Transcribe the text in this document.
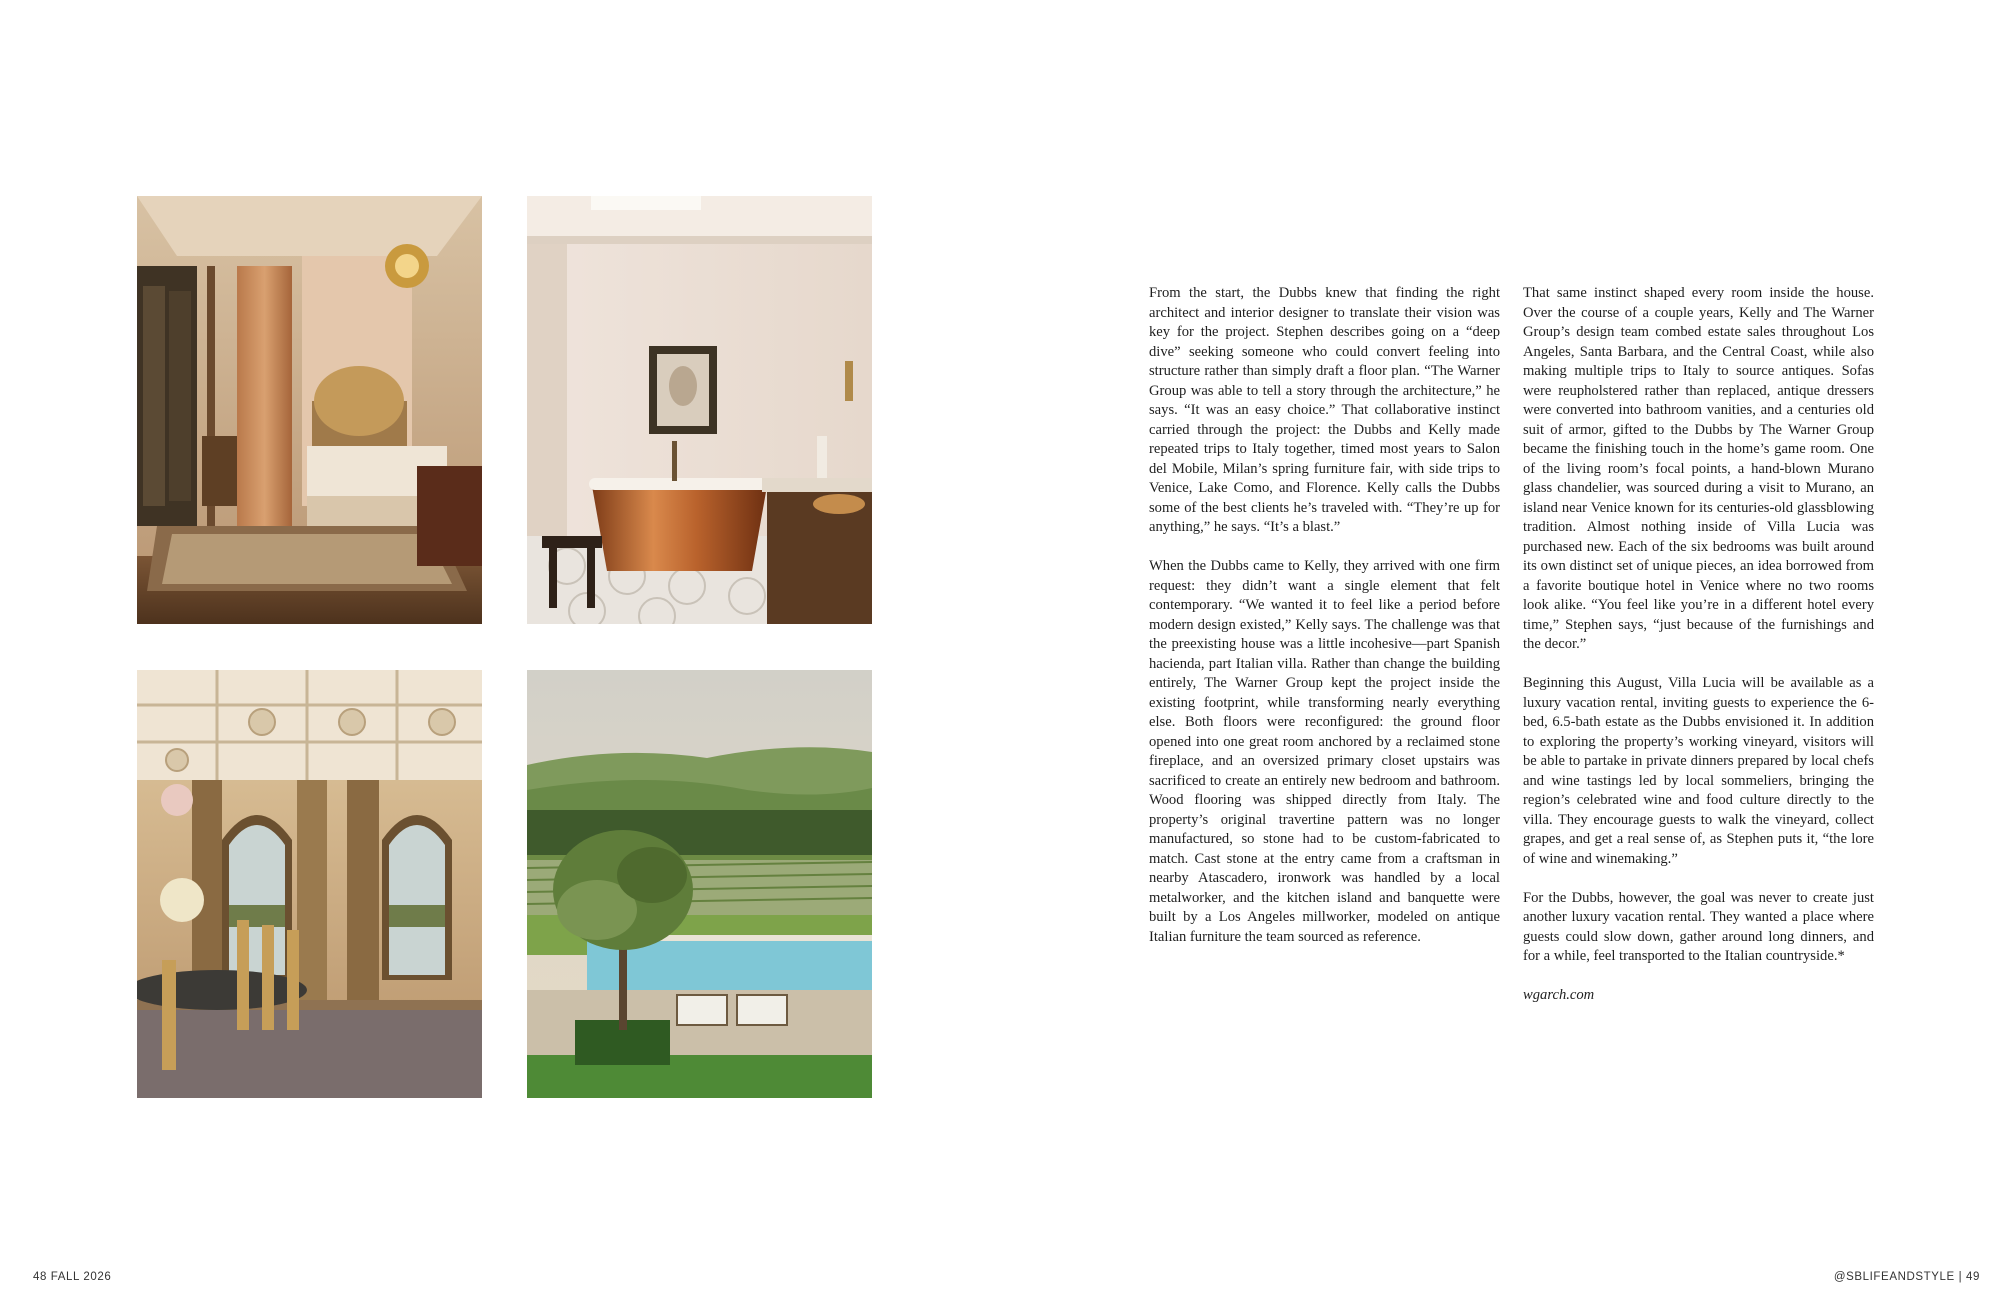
From the start, the Dubbs knew that finding the right architect and interior designer to translate their vision was key for the project. Stephen describes going on a “deep dive” seeking someone who could convert feeling into structure rather than simply draft a floor plan. “The Warner Group was able to tell a story through the architecture,” he says. “It was an easy choice.” That collaborative instinct carried through the project: the Dubbs and Kelly made repeated trips to Italy together, timed most years to Salon del Mobile, Milan’s spring furniture fair, with side trips to Venice, Lake Como, and Florence. Kelly calls the Dubbs some of the best clients he’s traveled with. “They’re up for anything,” he says. “It’s a blast.”

When the Dubbs came to Kelly, they arrived with one firm request: they didn’t want a single element that felt contemporary. “We wanted it to feel like a period before modern design existed,” Kelly says. The challenge was that the preexisting house was a little incohesive—part Spanish hacienda, part Italian villa. Rather than change the building entirely, The Warner Group kept the project inside the existing footprint, while transforming nearly everything else. Both floors were reconfigured: the ground floor opened into one great room anchored by a reclaimed stone fireplace, and an oversized primary closet upstairs was sacrificed to create an entirely new bedroom and bathroom. Wood flooring was shipped directly from Italy. The property’s original travertine pattern was no longer manufactured, so stone had to be custom-fabricated to match. Cast stone at the entry came from a craftsman in nearby Atascadero, ironwork was handled by a local metalworker, and the kitchen island and banquette were built by a Los Angeles millworker, modeled on antique Italian furniture the team sourced as reference.

That same instinct shaped every room inside the house. Over the course of a couple years, Kelly and The Warner Group’s design team combed estate sales throughout Los Angeles, Santa Barbara, and the Central Coast, while also making multiple trips to Italy to source antiques. Sofas were reupholstered rather than replaced, antique dressers were converted into bathroom vanities, and a centuries old suit of armor, gifted to the Dubbs by The Warner Group became the finishing touch in the home’s game room. One of the living room’s focal points, a hand-blown Murano glass chandelier, was sourced during a visit to Murano, an island near Venice known for its centuries-old glassblowing tradition. Almost nothing inside of Villa Lucia was purchased new. Each of the six bedrooms was built around its own distinct set of unique pieces, an idea borrowed from a favorite boutique hotel in Venice where no two rooms look alike. “You feel like you’re in a different hotel every time,” Stephen says, “just because of the furnishings and the decor.”

Beginning this August, Villa Lucia will be available as a luxury vacation rental, inviting guests to experience the 6-bed, 6.5-bath estate as the Dubbs envisioned it. In addition to exploring the property’s working vineyard, visitors will be able to partake in private dinners prepared by local chefs and wine tastings led by local sommeliers, bringing the region’s celebrated wine and food culture directly to the villa. They encourage guests to walk the vineyard, collect grapes, and get a real sense of, as Stephen puts it, “the lore of wine and winemaking.”

For the Dubbs, however, the goal was never to create just another luxury vacation rental. They wanted a place where guests could slow down, gather around long dinners, and for a while, feel transported to the Italian countryside.*

wgarch.com

48 FALL 2026	@SBLIFEANDSTYLE | 49
